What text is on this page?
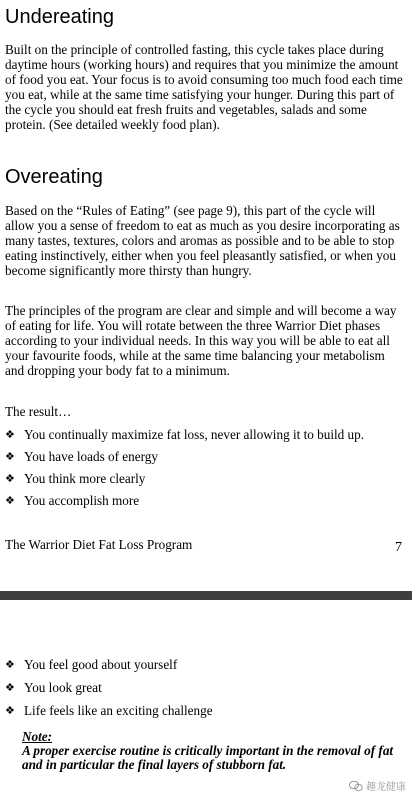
Undereating

Built on the principle of controlled fasting, this cycle takes place during daytime hours (working hours) and requires that you minimize the amount of food you eat. Your focus is to avoid consuming too much food each time you eat, while at the same time satisfying your hunger. During this part of the cycle you should eat fresh fruits and vegetables, salads and some protein. (See detailed weekly food plan).

Overeating

Based on the “Rules of Eating” (see page 9), this part of the cycle will allow you a sense of freedom to eat as much as you desire incorporating as many tastes, textures, colors and aromas as possible and to be able to stop eating instinctively, either when you feel pleasantly satisfied, or when you become significantly more thirsty than hungry.

The principles of the program are clear and simple and will become a way of eating for life. You will rotate between the three Warrior Diet phases according to your individual needs. In this way you will be able to eat all your favourite foods, while at the same time balancing your metabolism and dropping your body fat to a minimum.

The result…

❖ You continually maximize fat loss, never allowing it to build up.
❖ You have loads of energy
❖ You think more clearly
❖ You accomplish more
The Warrior Diet Fat Loss Program	7
❖ You feel good about yourself
❖ You look great
❖ Life feels like an exciting challenge
Note:
A proper exercise routine is critically important in the removal of fat and in particular the final layers of stubborn fat.
趣龙健康
